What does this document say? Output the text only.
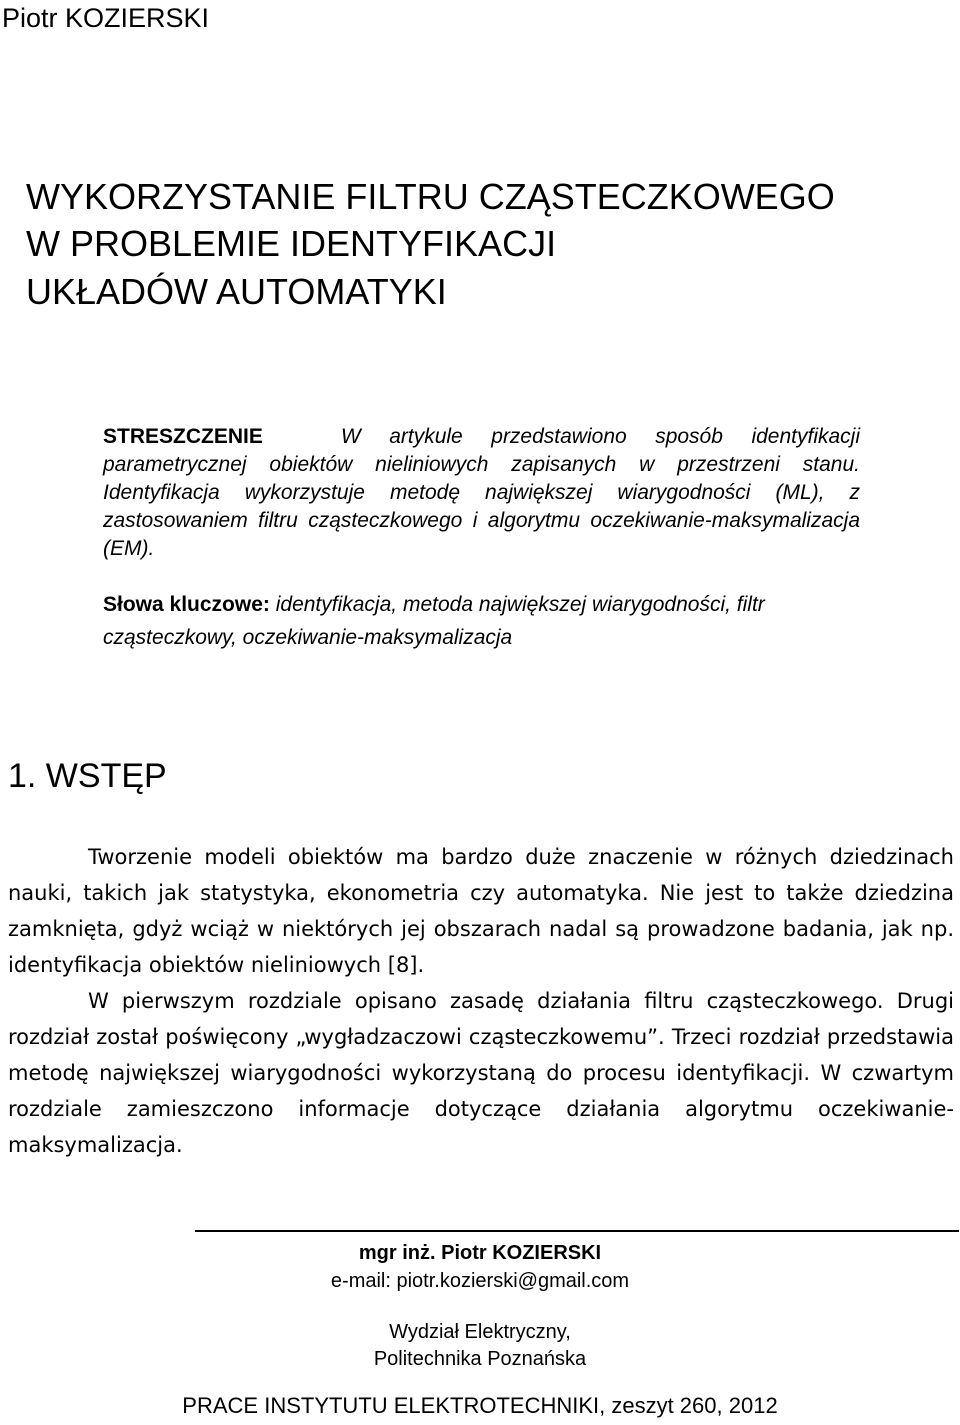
Piotr KOZIERSKI
WYKORZYSTANIE FILTRU CZĄSTECZKOWEGO
W PROBLEMIE IDENTYFIKACJI
UKŁADÓW AUTOMATYKI
STRESZCZENIE	W artykule przedstawiono sposób identyfikacji parametrycznej obiektów nieliniowych zapisanych w przestrzeni stanu. Identyfikacja wykorzystuje metodę największej wiarygodności (ML), z zastosowaniem filtru cząsteczkowego i algorytmu oczekiwanie-maksymalizacja (EM).
Słowa kluczowe: identyfikacja, metoda największej wiarygodności, filtr cząsteczkowy, oczekiwanie-maksymalizacja
1. WSTĘP

Tworzenie modeli obiektów ma bardzo duże znaczenie w różnych dziedzinach nauki, takich jak statystyka, ekonometria czy automatyka. Nie jest to także dziedzina zamknięta, gdyż wciąż w niektórych jej obszarach nadal są prowadzone badania, jak np. identyfikacja obiektów nieliniowych [8].

W pierwszym rozdziale opisano zasadę działania filtru cząsteczkowego. Drugi rozdział został poświęcony „wygładzaczowi cząsteczkowemu”. Trzeci rozdział przedstawia metodę największej wiarygodności wykorzystaną do procesu identyfikacji. W czwartym rozdziale zamieszczono informacje dotyczące działania algorytmu oczekiwanie-maksymalizacja.

mgr inż. Piotr KOZIERSKI
e-mail: piotr.kozierski@gmail.com
Wydział Elektryczny,
Politechnika Poznańska
PRACE INSTYTUTU ELEKTROTECHNIKI, zeszyt 260, 2012
